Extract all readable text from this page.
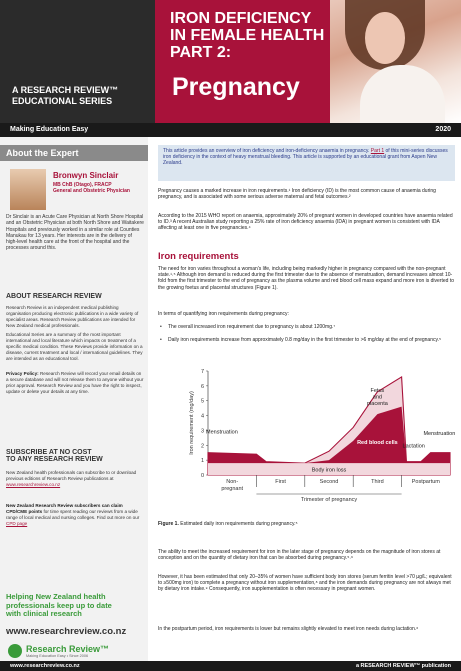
IRON DEFICIENCY
IN FEMALE HEALTH
PART 2:
Pregnancy
A RESEARCH REVIEW™
EDUCATIONAL SERIES
Making Education Easy	2020
About the Expert
Bronwyn Sinclair
MB ChB (Otago), FRACP
General and Obstetric Physician
Dr Sinclair is an Acute Care Physician at North Shore Hospital and an Obstetric Physician at both North Shore and Waitakere Hospitals and previously worked in a similar role at Counties Manukau for 13 years. Her interests are in the delivery of high-level health care at the front of the hospital and the processes around this.
ABOUT RESEARCH REVIEW
Research Review is an independent medical publishing organisation producing electronic publications in a wide variety of specialist areas. Research Review publications are intended for New Zealand medical professionals.
Educational Series are a summary of the most important international and local literature which impacts on treatment of a specific medical condition. These Reviews provide information on a disease, current treatment and local / international guidelines. They are intended as an educational tool.
Privacy Policy: Research Review will record your email details on a secure database and will not release them to anyone without your prior approval. Research Review and you have the right to inspect, update or delete your details at any time.
SUBSCRIBE AT NO COST
TO ANY RESEARCH REVIEW
New Zealand health professionals can subscribe to or download previous editions of Research Review publications at www.researchreview.co.nz
New Zealand Research Review subscribers can claim CPD/CME points for time spent reading our reviews from a wide range of local medical and nursing colleges. Find out more on our CPD page
Helping New Zealand health
professionals keep up to date
with clinical research
www.researchreview.co.nz
Research Review™
Making Education Easy • Since 2006
This article provides an overview of iron deficiency and iron-deficiency anaemia in pregnancy. Part 1 of this mini-series discusses iron deficiency in the context of heavy menstrual bleeding. This article is supported by an educational grant from Aspen New Zealand.
Pregnancy causes a marked increase in iron requirements.¹ Iron deficiency (ID) is the most common cause of anaemia during pregnancy, and is associated with some serious adverse maternal and fetal outcomes.²
According to the 2015 WHO report on anaemia, approximately 20% of pregnant women in developed countries have anaemia related to ID.³ A recent Australian study reporting a 25% rate of iron deficiency anaemia (IDA) in pregnant women is consistent with IDA affecting at least one in five pregnancies.⁴
Iron requirements
The need for iron varies throughout a woman's life, including being markedly higher in pregnancy compared with the non-pregnant state.¹˒⁵ Although iron demand is reduced during the first trimester due to the absence of menstruation, demand increases almost 10-fold from the first trimester to the end of pregnancy as the plasma volume and red blood cell mass expand and more iron is diverted to the growing foetus and placental structures (Figure 1).
In terms of quantifying iron requirements during pregnancy:
• The overall increased iron requirement due to pregnancy is about 1200mg.⁷
• Daily iron requirements increase from approximately 0.8 mg/day in the first trimester to >6 mg/day at the end of pregnancy.⁵
0
1
2
3
4
5
6
7
Iron requirement (mg/day)
Non-
pregnant
First	Second	Third	Postpartum
Trimester of pregnancy
Menstruation
Fetus
and
placenta
Red blood cells
Body iron loss
Lactation
Menstruation
Figure 1. Estimated daily iron requirements during pregnancy.⁵
The ability to meet the increased requirement for iron in the later stage of pregnancy depends on the magnitude of iron stores at conception and on the quantity of dietary iron that can be absorbed during pregnancy.⁵˒⁶
However, it has been estimated that only 20–35% of women have sufficient body iron stores (serum ferritin level >70 µg/L; equivalent to ≥500mg iron) to complete a pregnancy without iron supplementation,⁸ and the iron demands during pregnancy are not always met by dietary iron intake.⁹ Consequently, iron supplementation is often necessary in pregnant women.
In the postpartum period, iron requirements is lower but remains slightly elevated to meet iron needs during lactation.⁶
www.researchreview.co.nz	a RESEARCH REVIEW™ publication
